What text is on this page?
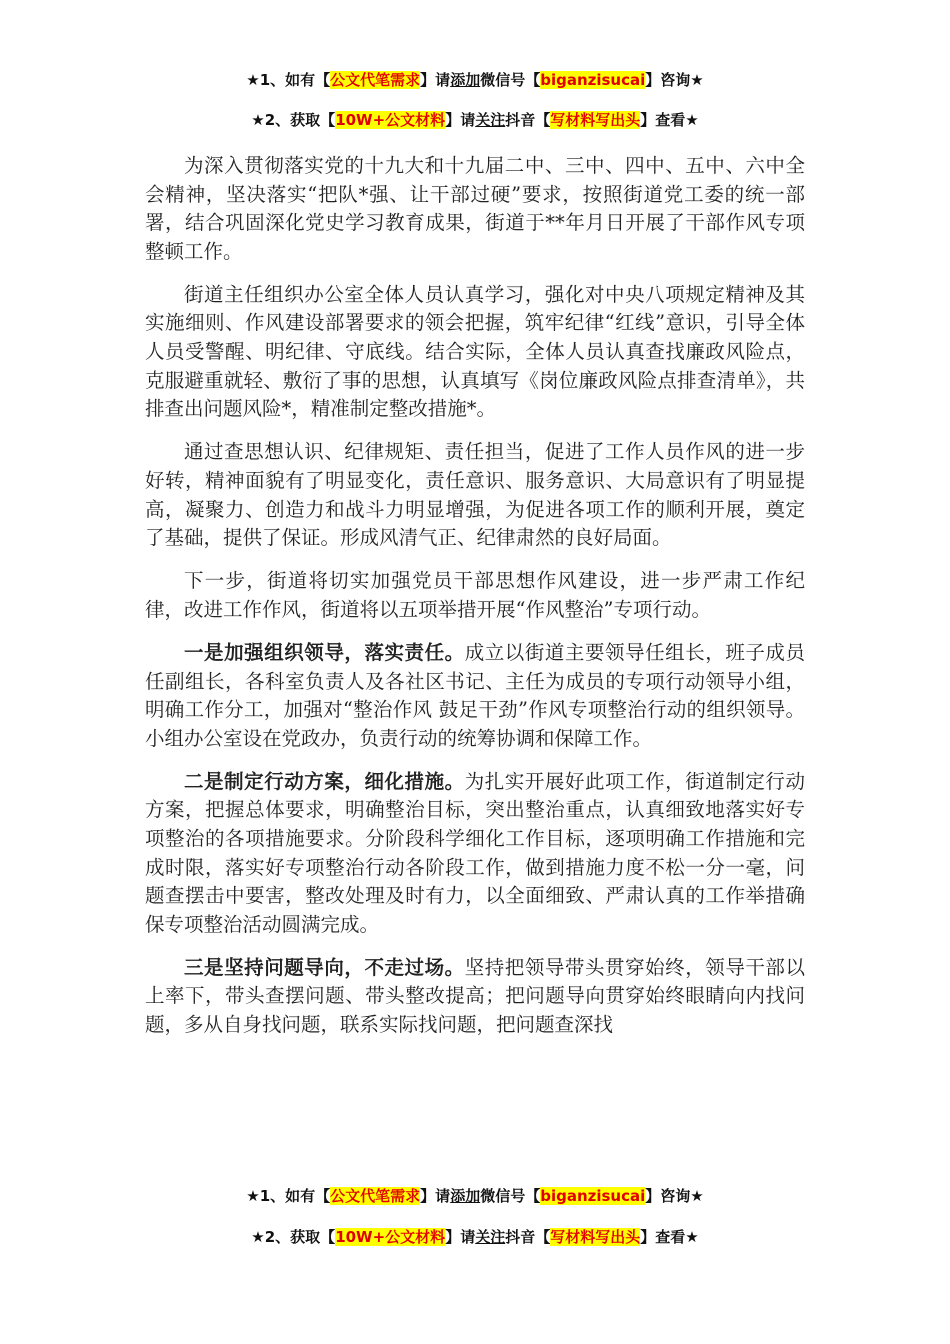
★1、如有【公文代笔需求】请添加微信号【biganzisucai】咨询★
★2、获取【10W+公文材料】请关注抖音【写材料写出头】查看★

为深入贯彻落实党的十九大和十九届二中、三中、四中、五中、六中全会精神，坚决落实“把队*强、让干部过硬”要求，按照街道党工委的统一部署，结合巩固深化党史学习教育成果，街道于**年月日开展了干部作风专项整顿工作。

街道主任组织办公室全体人员认真学习，强化对中央八项规定精神及其实施细则、作风建设部署要求的领会把握，筑牢纪律“红线”意识，引导全体人员受警醒、明纪律、守底线。结合实际，全体人员认真查找廉政风险点，克服避重就轻、敷衍了事的思想，认真填写《岗位廉政风险点排查清单》，共排查出问题风险*，精准制定整改措施*。

通过查思想认识、纪律规矩、责任担当，促进了工作人员作风的进一步好转，精神面貌有了明显变化，责任意识、服务意识、大局意识有了明显提高，凝聚力、创造力和战斗力明显增强，为促进各项工作的顺利开展，奠定了基础，提供了保证。形成风清气正、纪律肃然的良好局面。

下一步，街道将切实加强党员干部思想作风建设，进一步严肃工作纪律，改进工作作风，街道将以五项举措开展“作风整治”专项行动。

一是加强组织领导，落实责任。成立以街道主要领导任组长，班子成员任副组长，各科室负责人及各社区书记、主任为成员的专项行动领导小组，明确工作分工，加强对“整治作风 鼓足干劲”作风专项整治行动的组织领导。小组办公室设在党政办，负责行动的统筹协调和保障工作。

二是制定行动方案，细化措施。为扎实开展好此项工作，街道制定行动方案，把握总体要求，明确整治目标，突出整治重点，认真细致地落实好专项整治的各项措施要求。分阶段科学细化工作目标，逐项明确工作措施和完成时限，落实好专项整治行动各阶段工作，做到措施力度不松一分一毫，问题查摆击中要害，整改处理及时有力，以全面细致、严肃认真的工作举措确保专项整治活动圆满完成。

三是坚持问题导向，不走过场。坚持把领导带头贯穿始终，领导干部以上率下，带头查摆问题、带头整改提高；把问题导向贯穿始终眼睛向内找问题，多从自身找问题，联系实际找问题，把问题查深找

★1、如有【公文代笔需求】请添加微信号【biganzisucai】咨询★
★2、获取【10W+公文材料】请关注抖音【写材料写出头】查看★
